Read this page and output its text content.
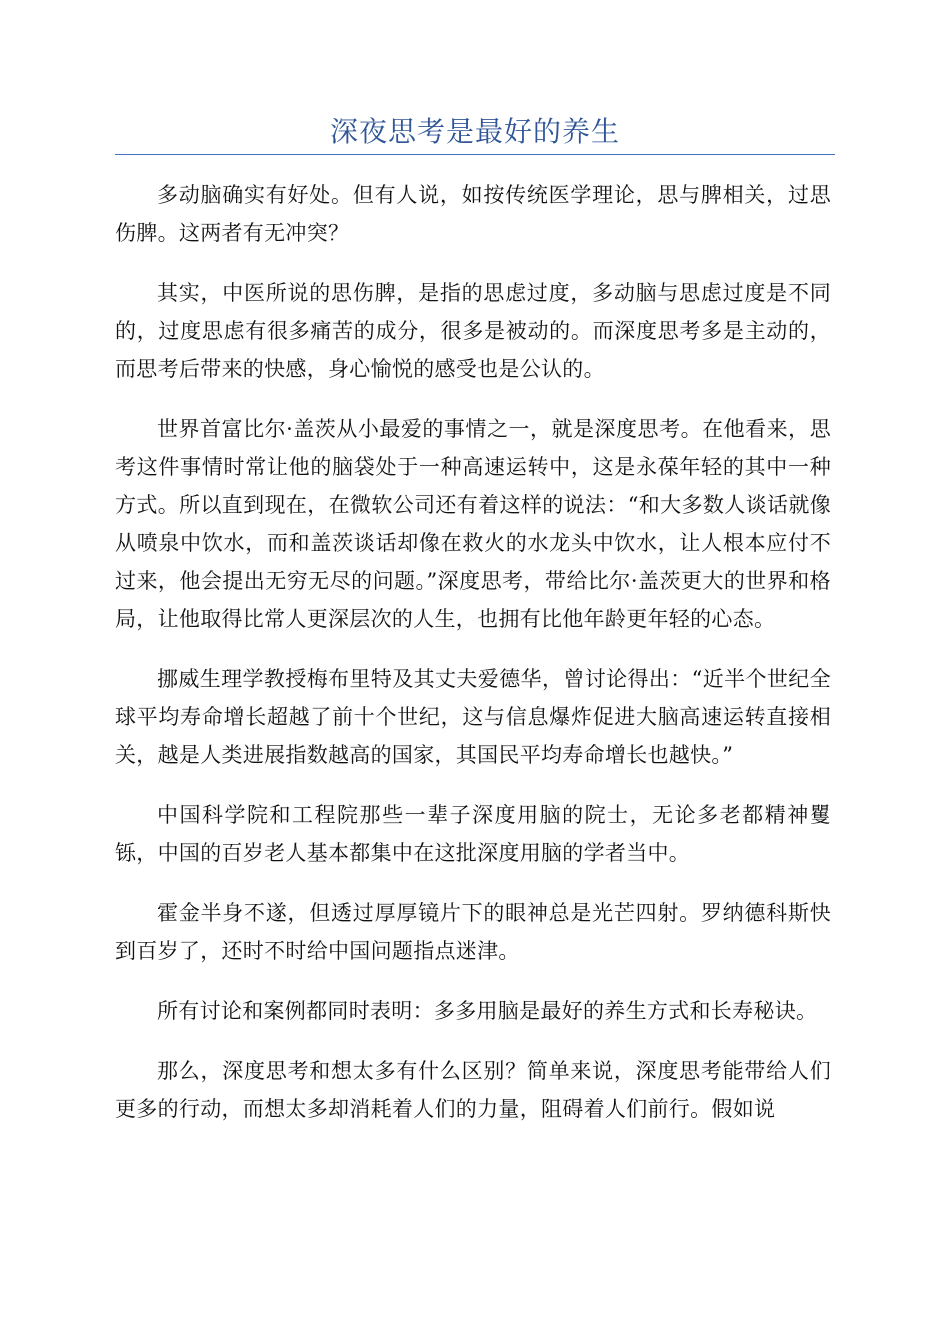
深夜思考是最好的养生

多动脑确实有好处。但有人说，如按传统医学理论，思与脾相关，过思伤脾。这两者有无冲突？

其实，中医所说的思伤脾，是指的思虑过度，多动脑与思虑过度是不同的，过度思虑有很多痛苦的成分，很多是被动的。而深度思考多是主动的，而思考后带来的快感，身心愉悦的感受也是公认的。

世界首富比尔·盖茨从小最爱的事情之一，就是深度思考。在他看来，思考这件事情时常让他的脑袋处于一种高速运转中，这是永葆年轻的其中一种方式。所以直到现在，在微软公司还有着这样的说法：“和大多数人谈话就像从喷泉中饮水，而和盖茨谈话却像在救火的水龙头中饮水，让人根本应付不过来，他会提出无穷无尽的问题。”深度思考，带给比尔·盖茨更大的世界和格局，让他取得比常人更深层次的人生，也拥有比他年龄更年轻的心态。

挪威生理学教授梅布里特及其丈夫爱德华，曾讨论得出：“近半个世纪全球平均寿命增长超越了前十个世纪，这与信息爆炸促进大脑高速运转直接相关，越是人类进展指数越高的国家，其国民平均寿命增长也越快。”

中国科学院和工程院那些一辈子深度用脑的院士，无论多老都精神矍铄，中国的百岁老人基本都集中在这批深度用脑的学者当中。

霍金半身不遂，但透过厚厚镜片下的眼神总是光芒四射。罗纳德科斯快到百岁了，还时不时给中国问题指点迷津。

所有讨论和案例都同时表明：多多用脑是最好的养生方式和长寿秘诀。

那么，深度思考和想太多有什么区别？简单来说，深度思考能带给人们更多的行动，而想太多却消耗着人们的力量，阻碍着人们前行。假如说
